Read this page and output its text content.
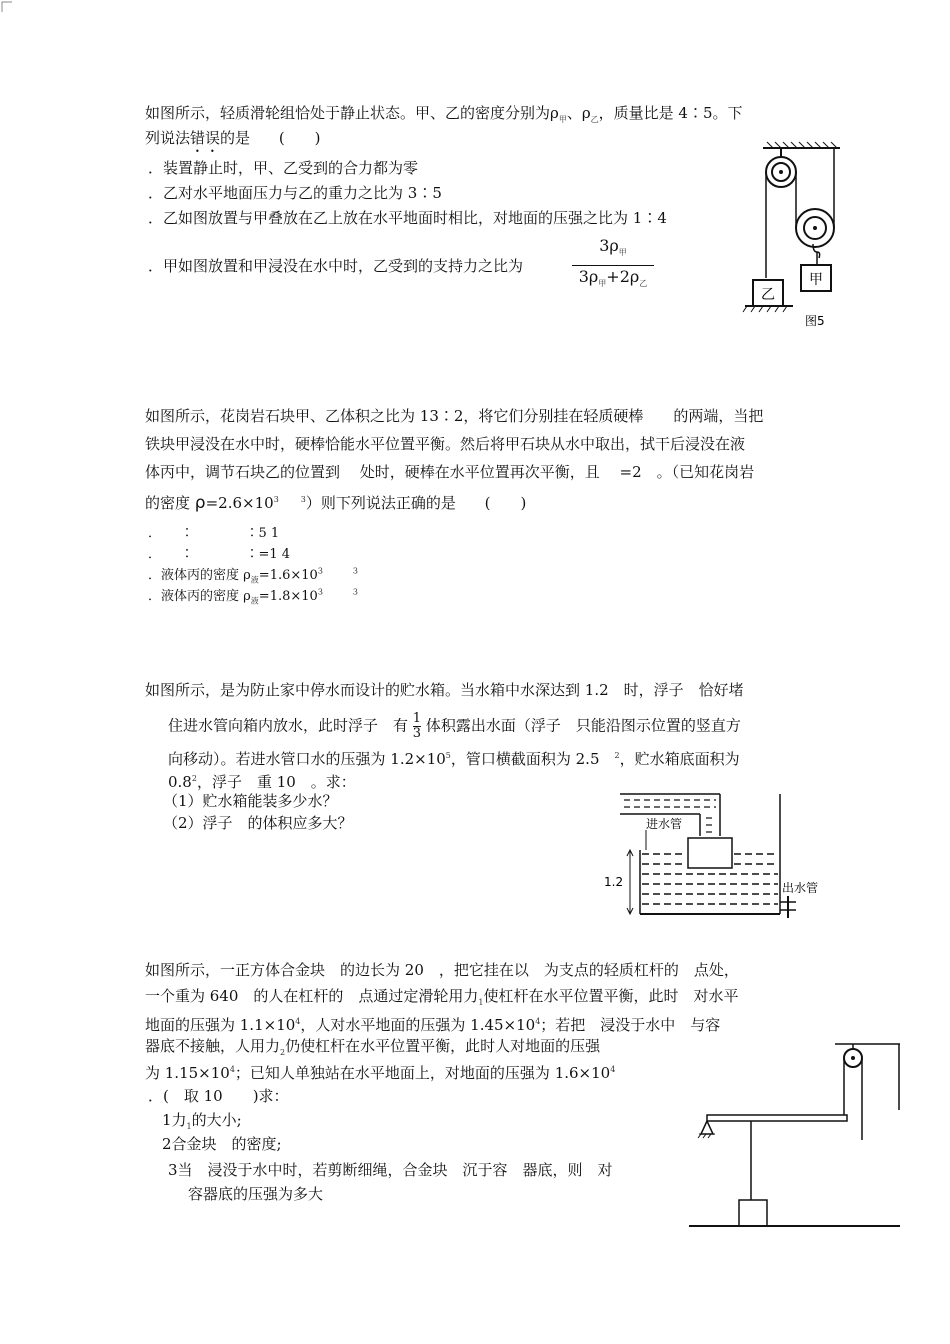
如图所示，轻质滑轮组恰处于静止状态。甲、乙的密度分别为$\rho_甲$、$\rho_乙$，质量比是 4∶5。下
列说法错误的是 (　　)
．装置静止时，甲、乙受到的合力都为零
．乙对水平地面压力与乙的重力之比为 3∶5
．乙如图放置与甲叠放在乙上放在水平地面时相比，对地面的压强之比为 1∶4
．甲如图放置和甲浸没在水中时，乙受到的支持力之比为
$3\rho_甲$
$3\rho_甲+2\rho_乙$	甲
乙
图5
如图所示，花岗岩石块甲、乙体积之比为 13∶2，将它们分别挂在轻质硬棒　　的两端，当把
铁块甲浸没在水中时，硬棒恰能水平位置平衡。然后将甲石块从水中取出，拭干后浸没在液
体丙中，调节石块乙的位置到　 处时，硬棒在水平位置再次平衡，且　 =2　。（已知花岗岩
的密度 $\rho=2.6\times 10^3$	$^3$）则下列说法正确的是 (　　)
．　　∶　　　　∶5 1
．　　∶　　　　∶=1 4
．液体丙的密度 $\rho_液=1.6\times 10^3$	$^3$
．液体丙的密度 $\rho_液=1.8\times 10^3$	$^3$
如图所示，是为防止家中停水而设计的贮水箱。当水箱中水深达到 1.2　时，浮子　恰好堵
住进水管向箱内放水，此时浮子　有 $\frac{1}{3}$ 体积露出水面（浮子　只能沿图示位置的竖直方
向移动）。若进水管口水的压强为 $1.2\times 10^5$，管口横截面积为 2.5　$^2$，贮水箱底面积为
$0.8^2$，浮子　重 10　。求：
（1）贮水箱能装多少水？
（2）浮子　的体积应多大？	进水管
1.2	出水管
如图所示，一正方体合金块　的边长为 20　，把它挂在以　为支点的轻质杠杆的　点处，
一个重为 640　的人在杠杆的　点通过定滑轮用力$_1$使杠杆在水平位置平衡，此时　对水平
地面的压强为 $1.1\times 10^4$，人对水平地面的压强为 $1.45\times 10^4$；若把　浸没于水中　与容
器底不接触，人用力$_2$仍使杠杆在水平位置平衡，此时人对地面的压强
为 $1.15\times 10^4$；已知人单独站在水平地面上，对地面的压强为 $1.6\times 10^4$
．(　取 10　　)求：
1力$_1$的大小;
2合金块　的密度;
3当　浸没于水中时，若剪断细绳，合金块　沉于容　器底，则　对
容器底的压强为多大
